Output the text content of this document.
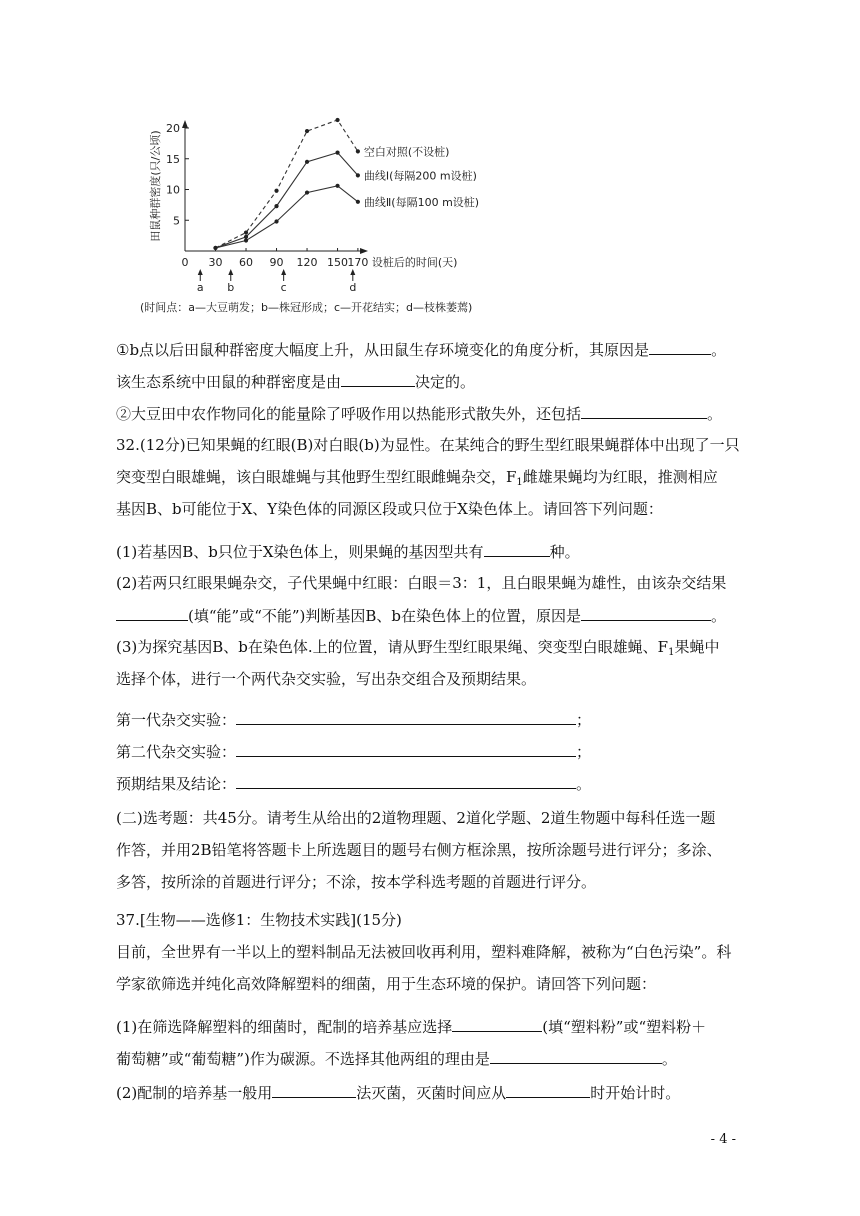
5
10
15
20
0 30 60 90 120 150 170 设桩后的时间(天)
田鼠种群密度(只/公顷)	空白对照(不设桩)
曲线Ⅰ(每隔200 m设桩)
曲线Ⅱ(每隔100 m设桩)
a b	c	d
(时间点：a—大豆萌发；b—株冠形成；c—开花结实；d—枝株萎蔫)
①b点以后田鼠种群密度大幅度上升，从田鼠生存环境变化的角度分析，其原因是	。
该生态系统中田鼠的种群密度是由	决定的。
②大豆田中农作物同化的能量除了呼吸作用以热能形式散失外，还包括	。
32.(12分)已知果蝇的红眼(B)对白眼(b)为显性。在某纯合的野生型红眼果蝇群体中出现了一只
突变型白眼雄蝇，该白眼雄蝇与其他野生型红眼雌蝇杂交，$F_1$雌雄果蝇均为红眼，推测相应
基因B、b可能位于X、Y染色体的同源区段或只位于X染色体上。请回答下列问题：
(1)若基因B、b只位于X染色体上，则果蝇的基因型共有	种。
(2)若两只红眼果蝇杂交，子代果蝇中红眼：白眼＝3：1，且白眼果蝇为雄性，由该杂交结果
(填“能”或“不能”)判断基因B、b在染色体上的位置，原因是	。
(3)为探究基因B、b在染色体.上的位置，请从野生型红眼果绳、突变型白眼雄蝇、$F_1$果蝇中
选择个体，进行一个两代杂交实验，写出杂交组合及预期结果。
第一代杂交实验：	；
第二代杂交实验：	；
预期结果及结论：	。
(二)选考题：共45分。请考生从给出的2道物理题、2道化学题、2道生物题中每科任选一题
作答，并用2B铅笔将答题卡上所选题目的题号右侧方框涂黑，按所涂题号进行评分；多涂、
多答，按所涂的首题进行评分；不涂，按本学科选考题的首题进行评分。
37.[生物——选修1：生物技术实践](15分)
目前，全世界有一半以上的塑料制品无法被回收再利用，塑料难降解，被称为“白色污染”。科
学家欲筛选并纯化高效降解塑料的细菌，用于生态环境的保护。请回答下列问题：
(1)在筛选降解塑料的细菌时，配制的培养基应选择	(填“塑料粉”或“塑料粉＋
葡萄糖”或“葡萄糖”)作为碳源。不选择其他两组的理由是	。
(2)配制的培养基一般用	法灭菌，灭菌时间应从	时开始计时。
- 4 -
